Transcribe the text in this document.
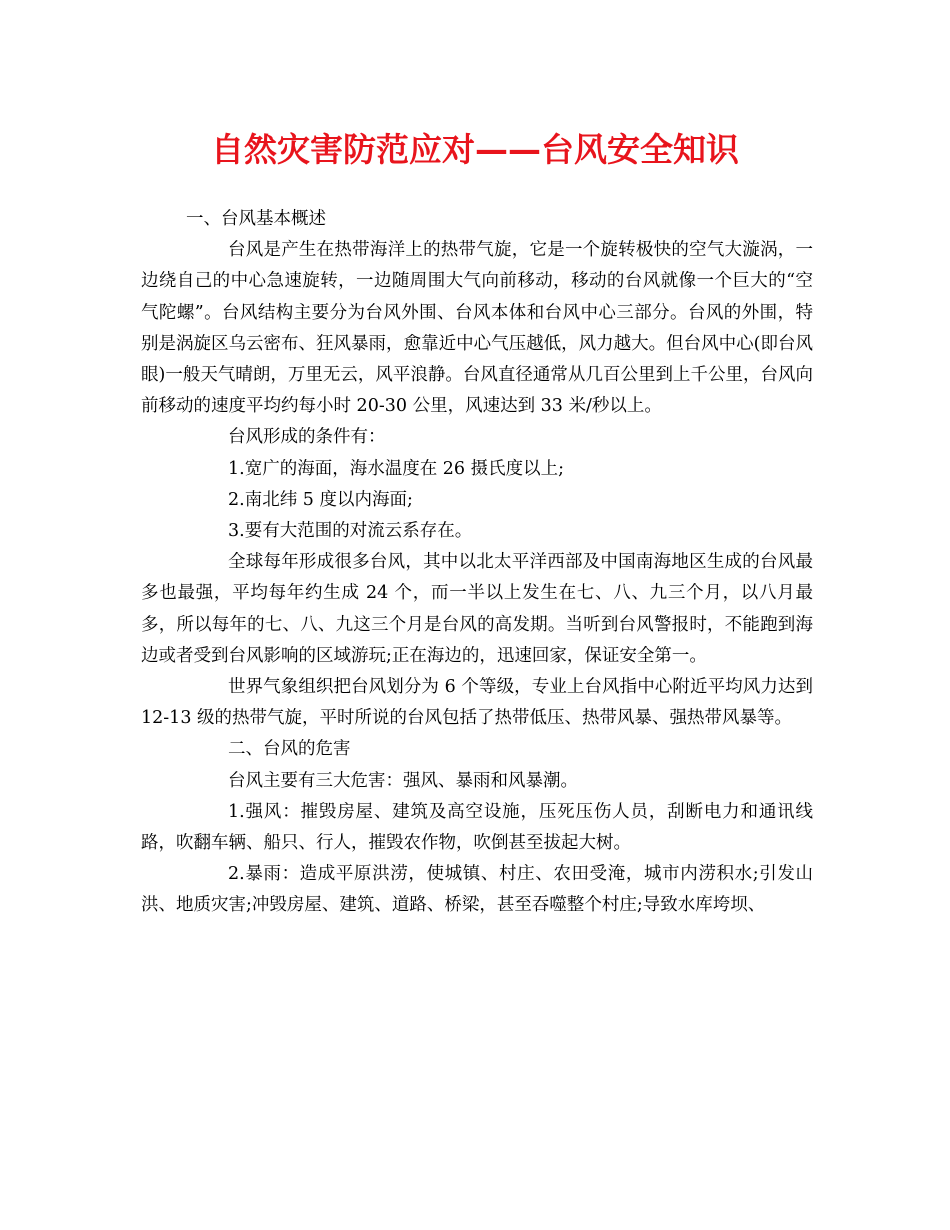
自然灾害防范应对——台风安全知识

一、台风基本概述

台风是产生在热带海洋上的热带气旋，它是一个旋转极快的空气大漩涡，一边绕自己的中心急速旋转，一边随周围大气向前移动，移动的台风就像一个巨大的“空气陀螺”。台风结构主要分为台风外围、台风本体和台风中心三部分。台风的外围，特别是涡旋区乌云密布、狂风暴雨，愈靠近中心气压越低，风力越大。但台风中心(即台风眼)一般天气晴朗，万里无云，风平浪静。台风直径通常从几百公里到上千公里，台风向前移动的速度平均约每小时 20-30 公里，风速达到 33 米/秒以上。

台风形成的条件有：

1.宽广的海面，海水温度在 26 摄氏度以上;

2.南北纬 5 度以内海面;

3.要有大范围的对流云系存在。

全球每年形成很多台风，其中以北太平洋西部及中国南海地区生成的台风最多也最强，平均每年约生成 24 个，而一半以上发生在七、八、九三个月，以八月最多，所以每年的七、八、九这三个月是台风的高发期。当听到台风警报时，不能跑到海边或者受到台风影响的区域游玩;正在海边的，迅速回家，保证安全第一。

世界气象组织把台风划分为 6 个等级，专业上台风指中心附近平均风力达到 12-13 级的热带气旋，平时所说的台风包括了热带低压、热带风暴、强热带风暴等。

二、台风的危害

台风主要有三大危害：强风、暴雨和风暴潮。

1.强风：摧毁房屋、建筑及高空设施，压死压伤人员，刮断电力和通讯线路，吹翻车辆、船只、行人，摧毁农作物，吹倒甚至拔起大树。

2.暴雨：造成平原洪涝，使城镇、村庄、农田受淹，城市内涝积水;引发山洪、地质灾害;冲毁房屋、建筑、道路、桥梁，甚至吞噬整个村庄;导致水库垮坝、
